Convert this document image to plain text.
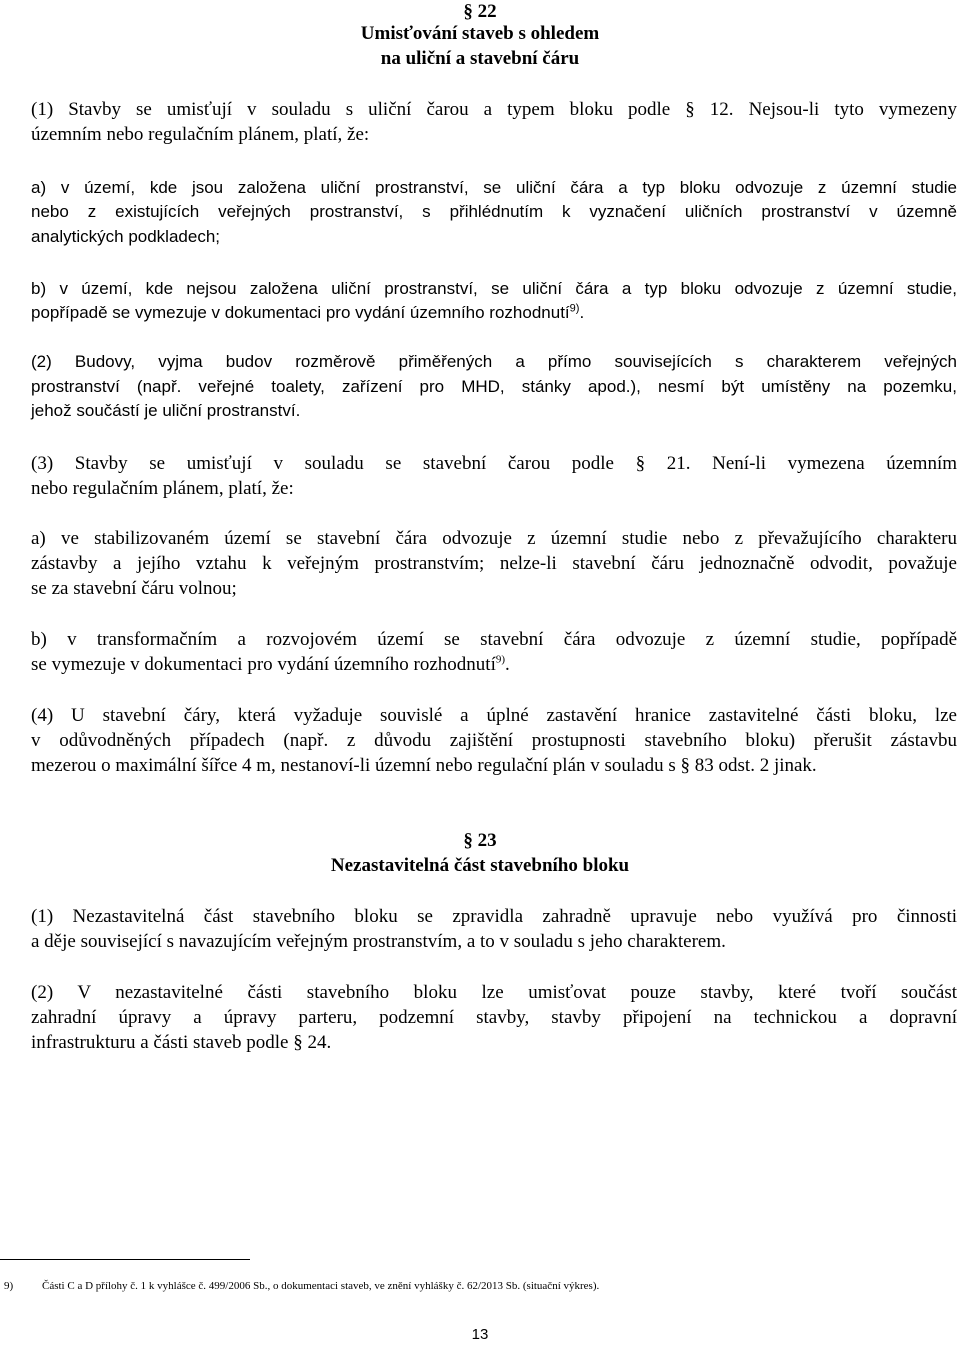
§ 22
Umisťování staveb s ohledem
na uliční a stavební čáru
(1) Stavby se umisťují v souladu s uliční čarou a typem bloku podle § 12. Nejsou-li tyto vymezeny
územním nebo regulačním plánem, platí, že:
a) v území, kde jsou založena uliční prostranství, se uliční čára a typ bloku odvozuje z územní studie
nebo z existujících veřejných prostranství, s přihlédnutím k vyznačení uličních prostranství v územně
analytických podkladech;
b) v území, kde nejsou založena uliční prostranství, se uliční čára a typ bloku odvozuje z územní studie,
popřípadě se vymezuje v dokumentaci pro vydání územního rozhodnutí$^{9)}$.
(2) Budovy, vyjma budov rozměrově přiměřených a přímo souvisejících s charakterem veřejných
prostranství (např. veřejné toalety, zařízení pro MHD, stánky apod.), nesmí být umístěny na pozemku,
jehož součástí je uliční prostranství.
(3) Stavby se umisťují v souladu se stavební čarou podle § 21. Není-li vymezena územním
nebo regulačním plánem, platí, že:
a) ve stabilizovaném území se stavební čára odvozuje z územní studie nebo z převažujícího charakteru
zástavby a jejího vztahu k veřejným prostranstvím; nelze-li stavební čáru jednoznačně odvodit, považuje
se za stavební čáru volnou;
b) v transformačním a rozvojovém území se stavební čára odvozuje z územní studie, popřípadě
se vymezuje v dokumentaci pro vydání územního rozhodnutí$^{9)}$.
(4) U stavební čáry, která vyžaduje souvislé a úplné zastavění hranice zastavitelné části bloku, lze
v odůvodněných případech (např. z důvodu zajištění prostupnosti stavebního bloku) přerušit zástavbu
mezerou o maximální šířce 4 m, nestanoví-li územní nebo regulační plán v souladu s § 83 odst. 2 jinak.
§ 23
Nezastavitelná část stavebního bloku
(1) Nezastavitelná část stavebního bloku se zpravidla zahradně upravuje nebo využívá pro činnosti
a děje související s navazujícím veřejným prostranstvím, a to v souladu s jeho charakterem.
(2) V nezastavitelné části stavebního bloku lze umisťovat pouze stavby, které tvoří součást
zahradní úpravy a úpravy parteru, podzemní stavby, stavby připojení na technickou a dopravní
infrastrukturu a části staveb podle § 24.
9)	Části C a D přílohy č. 1 k vyhlášce č. 499/2006 Sb., o dokumentaci staveb, ve znění vyhlášky č. 62/2013 Sb. (situační výkres).
13
